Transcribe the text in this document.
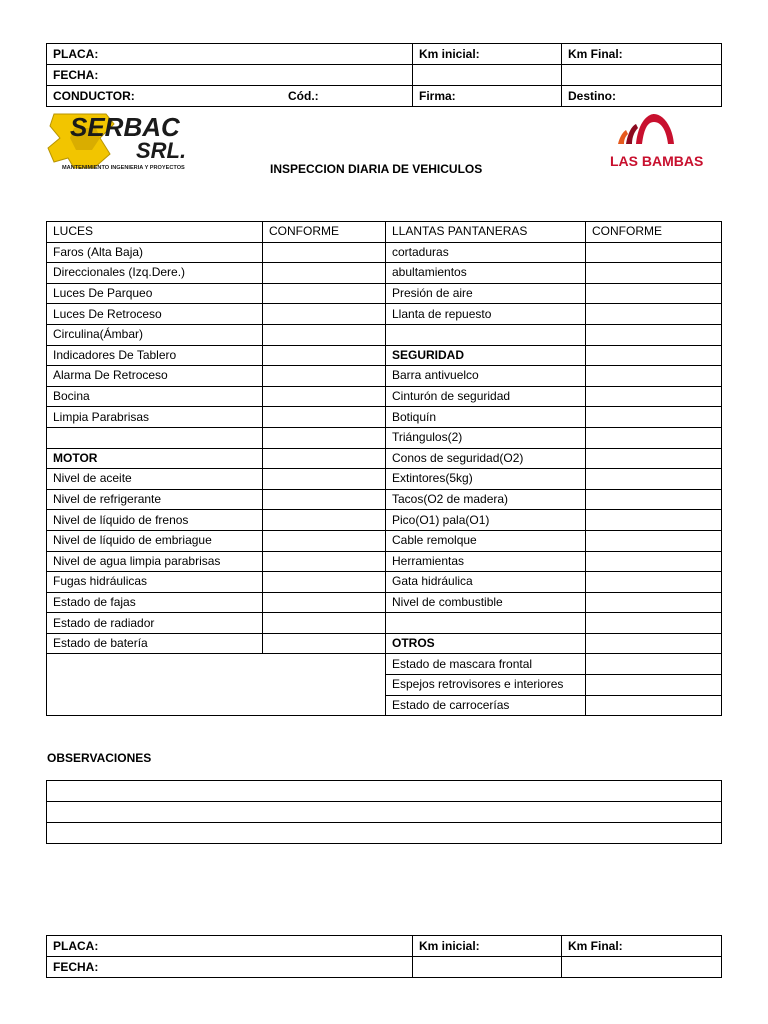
PLACA:	Km inicial:	Km Final:
FECHA:		
CONDUCTOR: Cód.:	Firma:	Destino:
SERBAC
SRL.
MANTENIMIENTO INGENIERIA Y PROYECTOS	INSPECCION DIARIA DE VEHICULOS	LAS BAMBAS
LUCES	CONFORME	LLANTAS PANTANERAS	CONFORME
Faros (Alta Baja)		cortaduras	
Direccionales (Izq.Dere.)		abultamientos	
Luces De Parqueo		Presión de aire	
Luces De Retroceso		Llanta de repuesto	
Circulina(Ámbar)			
Indicadores De Tablero		SEGURIDAD	
Alarma De Retroceso		Barra antivuelco	
Bocina		Cinturón de seguridad	
Limpia Parabrisas		Botiquín	
		Triángulos(2)	
MOTOR		Conos de seguridad(O2)	
Nivel de aceite		Extintores(5kg)	
Nivel de refrigerante		Tacos(O2 de madera)	
Nivel de líquido de frenos		Pico(O1) pala(O1)	
Nivel de líquido de embriague		Cable remolque	
Nivel de agua limpia parabrisas		Herramientas	
Fugas hidráulicas		Gata hidráulica	
Estado de fajas		Nivel de combustible	
Estado de radiador			
Estado de batería		OTROS	
		Estado de mascara frontal	
		Espejos retrovisores e interiores	
		Estado de carrocerías	
OBSERVACIONES

PLACA:	Km inicial:	Km Final:
FECHA:		
